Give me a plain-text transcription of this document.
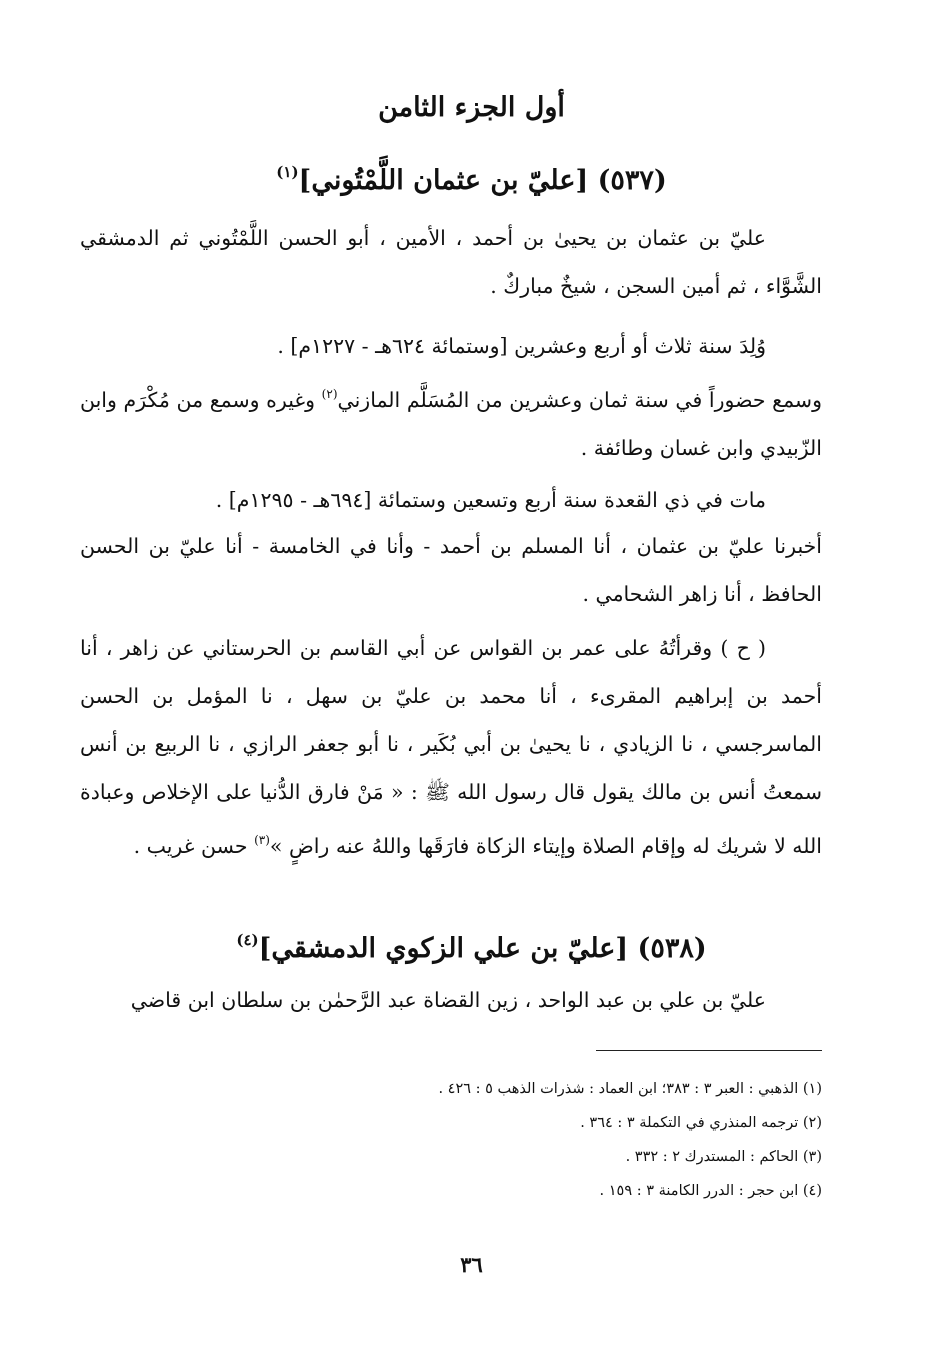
أول الجزء الثامن
(٥٣٧) [عليّ بن عثمان اللَّمْتُوني]$^{(١)}$

عليّ بن عثمان بن يحيىٰ بن أحمد ، الأمين ، أبو الحسن اللَّمْتُوني ثم الدمشقي الشَّوَّاء ، ثم أمين السجن ، شيخٌ مباركٌ .

وُلِدَ سنة ثلاث أو أربع وعشرين [وستمائة ٦٢٤هـ - ١٢٢٧م] .

وسمع حضوراً في سنة ثمان وعشرين من المُسَلَّم المازني$^{(٢)}$ وغيره وسمع من مُكْرَم وابن الزّبيدي وابن غسان وطائفة .

مات في ذي القعدة سنة أربع وتسعين وستمائة [٦٩٤هـ - ١٢٩٥م] .

أخبرنا عليّ بن عثمان ، أنا المسلم بن أحمد - وأنا في الخامسة - أنا عليّ بن الحسن الحافظ ، أنا زاهر الشحامي .

( ح ) وقرأتُهُ على عمر بن القواس عن أبي القاسم بن الحرستاني عن زاهر ، أنا أحمد بن إبراهيم المقرىء ، أنا محمد بن عليّ بن سهل ، نا المؤمل بن الحسن الماسرجسي ، نا الزيادي ، نا يحيىٰ بن أبي بُكَير ، نا أبو جعفر الرازي ، نا الربيع بن أنس سمعتُ أنس بن مالك يقول قال رسول الله ﷺ : « مَنْ فارق الدُّنيا على الإخلاص وعبادة الله لا شريك له وإقام الصلاة وإيتاء الزكاة فارَقَها واللهُ عنه راضٍ »$^{(٣)}$ حسن غريب .

(٥٣٨) [عليّ بن علي الزكوي الدمشقي]$^{(٤)}$

عليّ بن علي بن عبد الواحد ، زين القضاة عبد الرَّحمٰن بن سلطان ابن قاضي

(١) الذهبي : العبر ٣ : ٣٨٣؛ ابن العماد : شذرات الذهب ٥ : ٤٢٦ .

(٢) ترجمه المنذري في التكملة ٣ : ٣٦٤ .

(٣) الحاكم : المستدرك ٢ : ٣٣٢ .

(٤) ابن حجر : الدرر الكامنة ٣ : ١٥٩ .

٣٦
